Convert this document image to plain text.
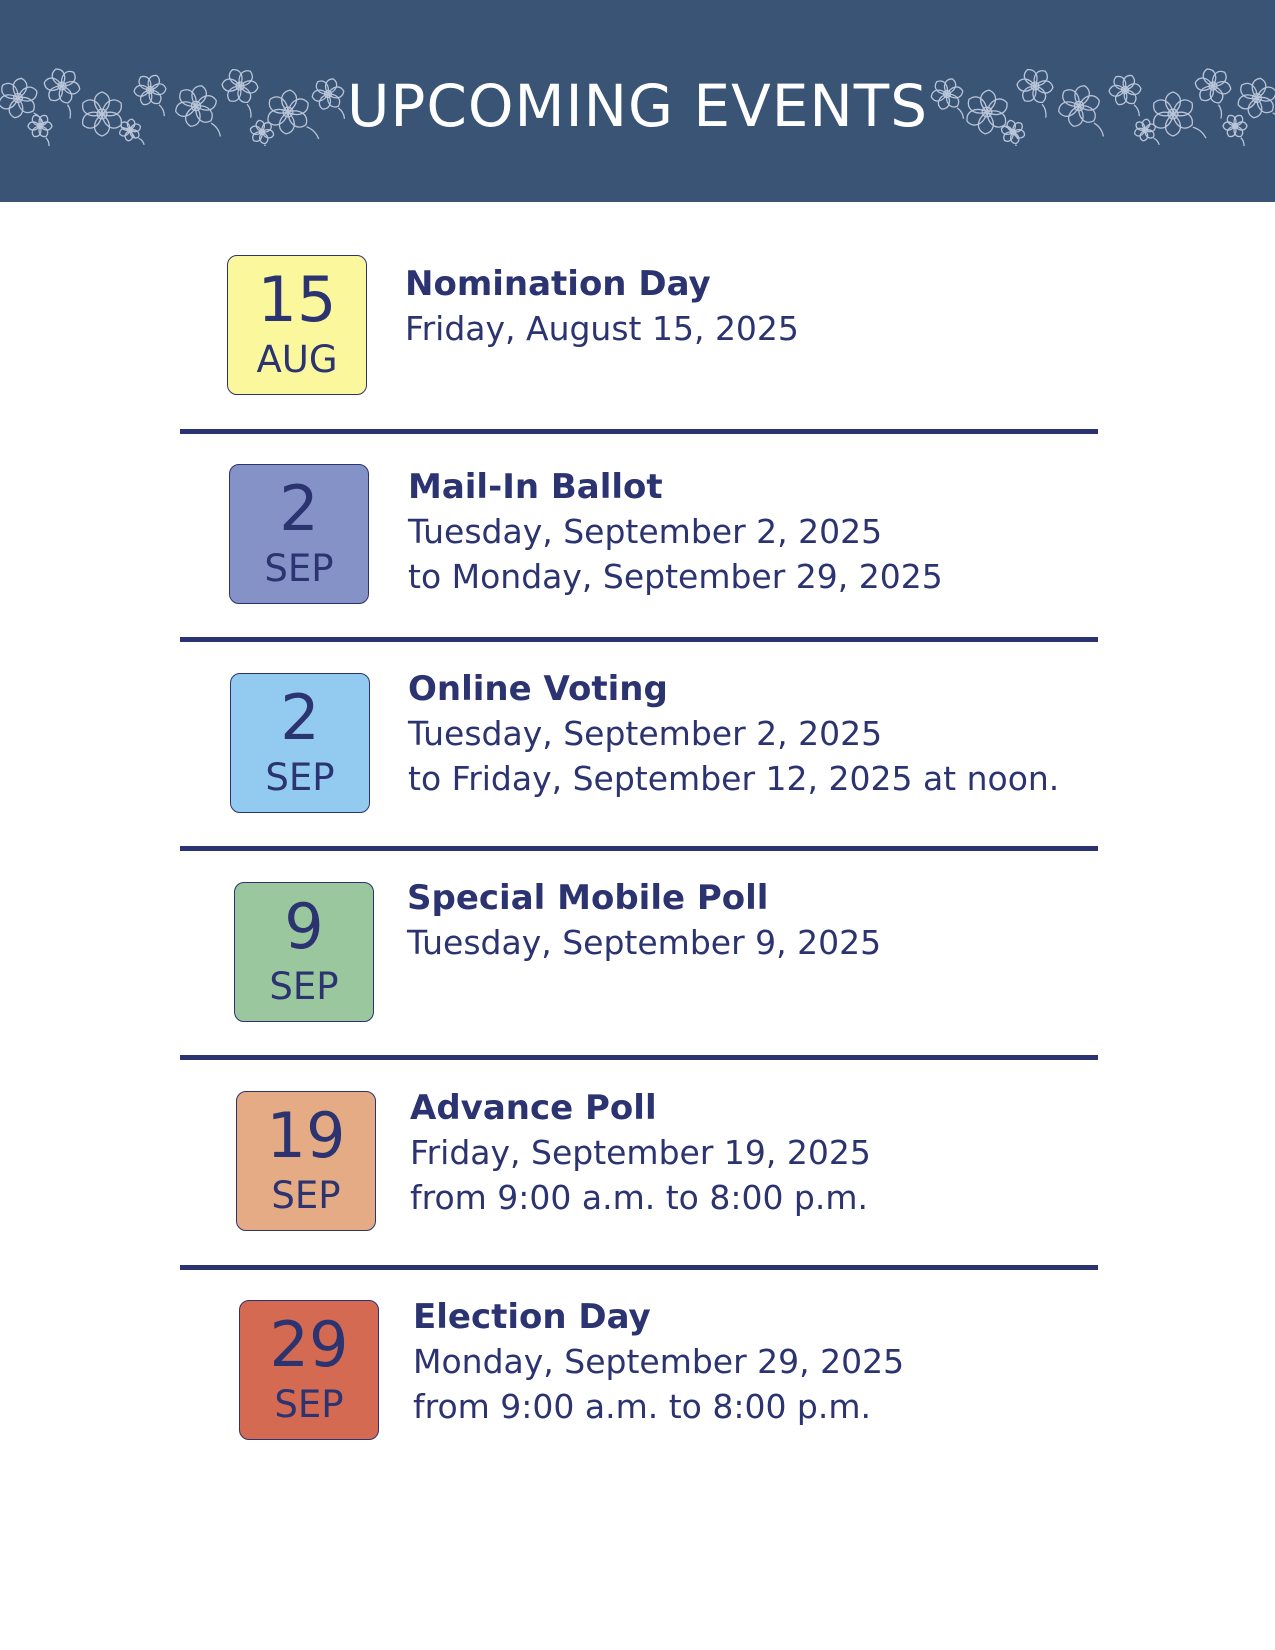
UPCOMING EVENTS
15
AUG
Nomination Day
Friday, August 15, 2025
2
SEP
Mail-In Ballot
Tuesday, September 2, 2025
to Monday, September 29, 2025
2
SEP
Online Voting
Tuesday, September 2, 2025
to Friday, September 12, 2025 at noon.
9
SEP
Special Mobile Poll
Tuesday, September 9, 2025
19
SEP
Advance Poll
Friday, September 19, 2025
from 9:00 a.m. to 8:00 p.m.
29
SEP
Election Day
Monday, September 29, 2025
from 9:00 a.m. to 8:00 p.m.
